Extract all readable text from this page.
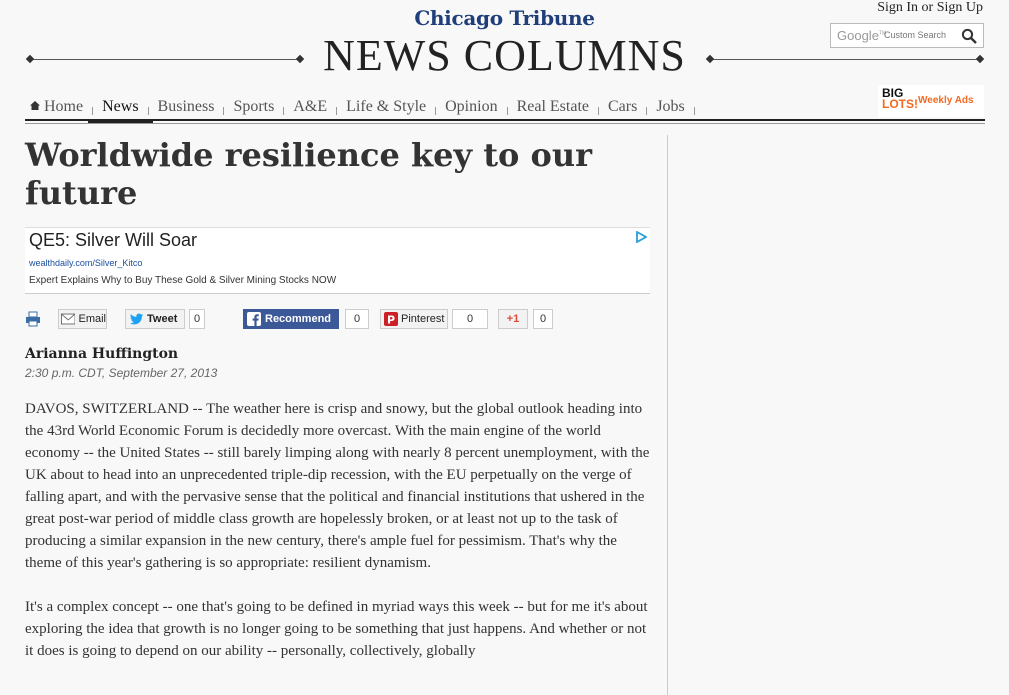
Sign In or Sign Up
Google™
Custom Search
Chicago Tribune
NEWS COLUMNS
Home News Business Sports A&E Life & Style Opinion Real Estate Cars Jobs
BIG
LOTS! Weekly Ads
Worldwide resilience key to our future
QE5: Silver Will Soar
wealthdaily.com/Silver_Kitco
Expert Explains Why to Buy These Gold & Silver Mining Stocks NOW
Email	Tweet	0	Recommend	0	P Pinterest	0	+1	0
Arianna Huffington
2:30 p.m. CDT, September 27, 2013

DAVOS, SWITZERLAND -- The weather here is crisp and snowy, but the global outlook heading into the 43rd World Economic Forum is decidedly more overcast. With the main engine of the world economy -- the United States -- still barely limping along with nearly 8 percent unemployment, with the UK about to head into an unprecedented triple-dip recession, with the EU perpetually on the verge of falling apart, and with the pervasive sense that the political and financial institutions that ushered in the great post-war period of middle class growth are hopelessly broken, or at least not up to the task of producing a similar expansion in the new century, there's ample fuel for pessimism. That's why the theme of this year's gathering is so appropriate: resilient dynamism.

It's a complex concept -- one that's going to be defined in myriad ways this week -- but for me it's about exploring the idea that growth is no longer going to be something that just happens. And whether or not it does is going to depend on our ability -- personally, collectively, globally
